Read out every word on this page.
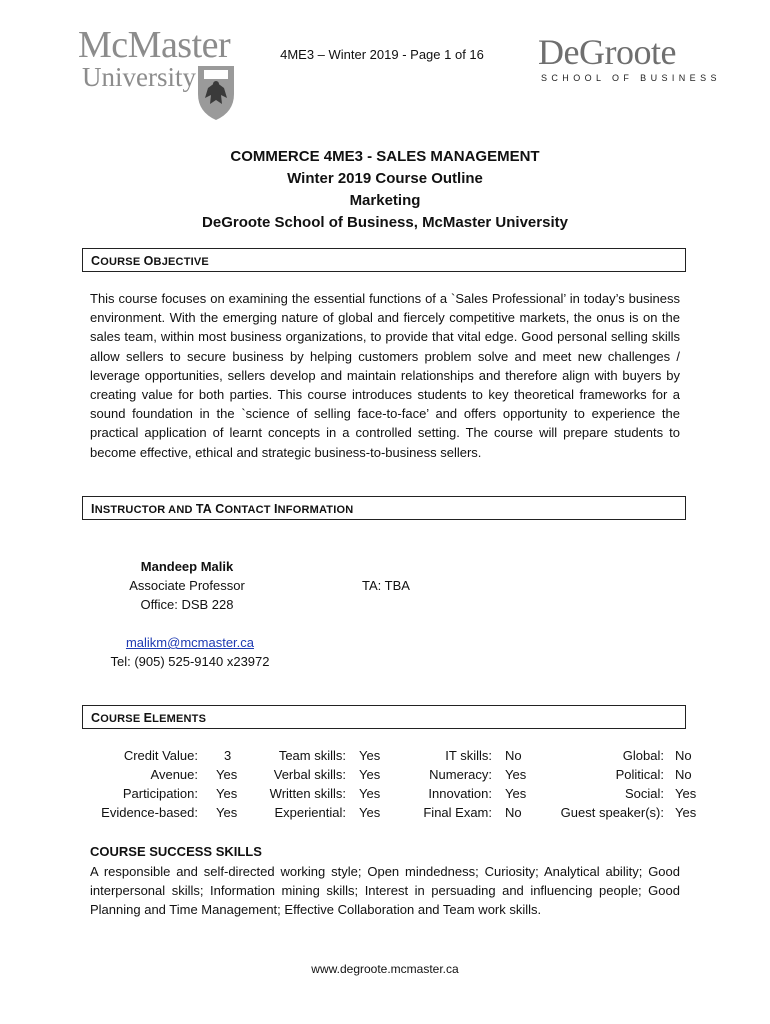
McMaster
University
4ME3 – Winter 2019 - Page 1 of 16	DeGroote
SCHOOL OF BUSINESS
COMMERCE 4ME3 - SALES MANAGEMENT
Winter 2019 Course Outline
Marketing
DeGroote School of Business, McMaster University
COURSE OBJECTIVE
This course focuses on examining the essential functions of a `Sales Professional’ in today’s business environment. With the emerging nature of global and fiercely competitive markets, the onus is on the sales team, within most business organizations, to provide that vital edge. Good personal selling skills allow sellers to secure business by helping customers problem solve and meet new challenges / leverage opportunities, sellers develop and maintain relationships and therefore align with buyers by creating value for both parties. This course introduces students to key theoretical frameworks for a sound foundation in the `science of selling face-to-face’ and offers opportunity to experience the practical application of learnt concepts in a controlled setting. The course will prepare students to become effective, ethical and strategic business-to-business sellers.
INSTRUCTOR AND TA CONTACT INFORMATION
Mandeep Malik
Associate Professor
Office: DSB 228
TA: TBA
malikm@mcmaster.ca
Tel: (905) 525-9140 x23972
COURSE ELEMENTS
Credit Value: 3	Team skills: Yes	IT skills: No	Global: No
Avenue: Yes	Verbal skills: Yes	Numeracy: Yes	Political: No
Participation: Yes Written skills: Yes	Innovation: Yes	Social: Yes
Evidence-based: Yes	Experiential: Yes	Final Exam: No	Guest speaker(s): Yes
COURSE SUCCESS SKILLS
A responsible and self-directed working style; Open mindedness; Curiosity; Analytical ability; Good interpersonal skills; Information mining skills; Interest in persuading and influencing people; Good Planning and Time Management; Effective Collaboration and Team work skills.
www.degroote.mcmaster.ca
